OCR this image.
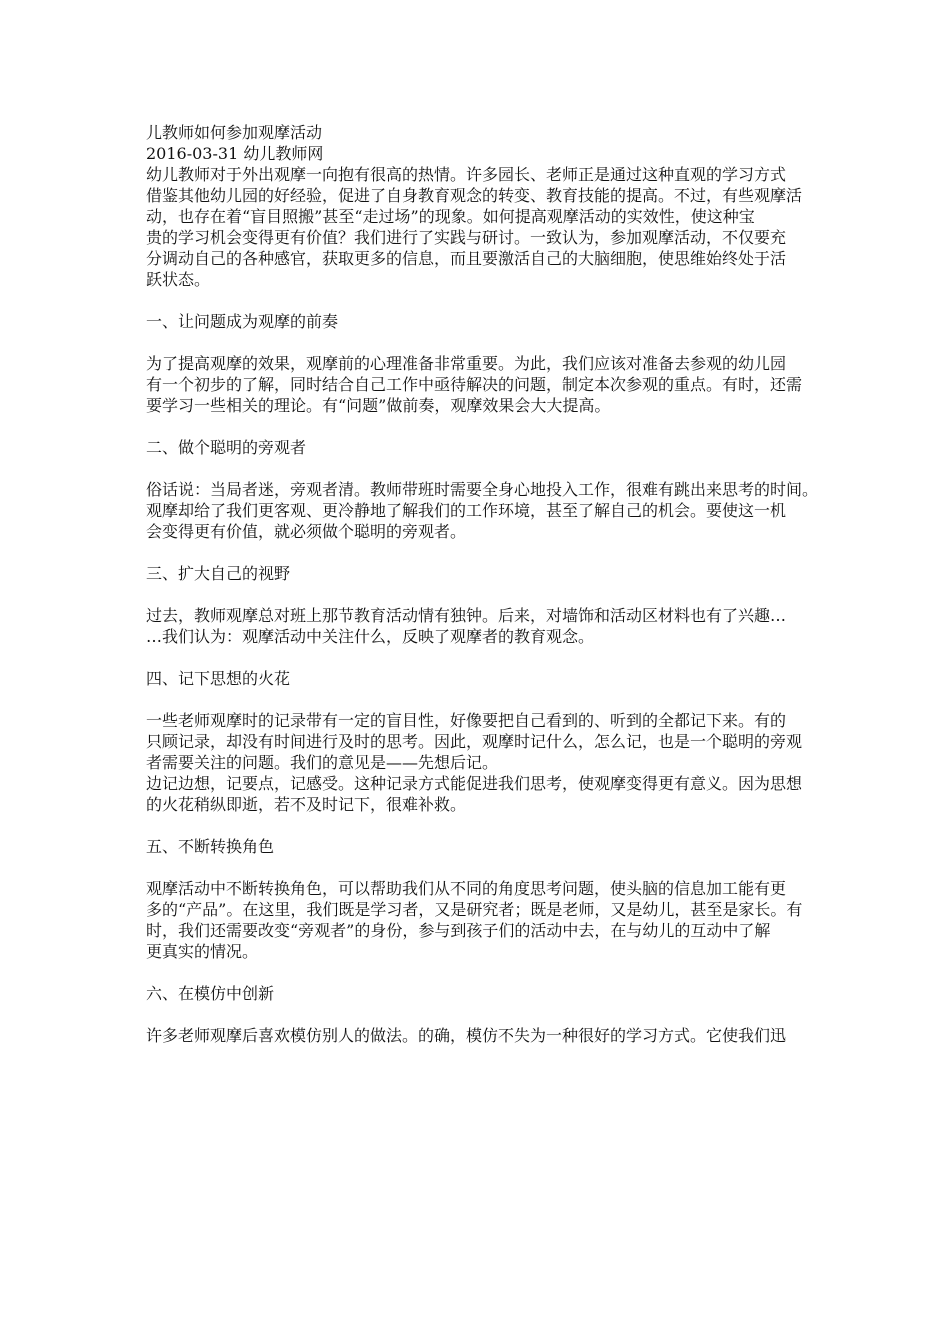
儿教师如何参加观摩活动
2016-03-31 幼儿教师网
幼儿教师对于外出观摩一向抱有很高的热情。许多园长、老师正是通过这种直观的学习方式
借鉴其他幼儿园的好经验，促进了自身教育观念的转变、教育技能的提高。不过，有些观摩活
动，也存在着“盲目照搬”甚至“走过场”的现象。如何提高观摩活动的实效性，使这种宝
贵的学习机会变得更有价值？我们进行了实践与研讨。一致认为，参加观摩活动，不仅要充
分调动自己的各种感官，获取更多的信息，而且要激活自己的大脑细胞，使思维始终处于活
跃状态。
一、让问题成为观摩的前奏
为了提高观摩的效果，观摩前的心理准备非常重要。为此，我们应该对准备去参观的幼儿园
有一个初步的了解，同时结合自己工作中亟待解决的问题，制定本次参观的重点。有时，还需
要学习一些相关的理论。有“问题”做前奏，观摩效果会大大提高。
二、做个聪明的旁观者
俗话说：当局者迷，旁观者清。教师带班时需要全身心地投入工作，很难有跳出来思考的时间。
观摩却给了我们更客观、更冷静地了解我们的工作环境，甚至了解自己的机会。要使这一机
会变得更有价值，就必须做个聪明的旁观者。
三、扩大自己的视野
过去，教师观摩总对班上那节教育活动情有独钟。后来，对墙饰和活动区材料也有了兴趣…
…我们认为：观摩活动中关注什么，反映了观摩者的教育观念。
四、记下思想的火花
一些老师观摩时的记录带有一定的盲目性，好像要把自己看到的、听到的全都记下来。有的
只顾记录，却没有时间进行及时的思考。因此，观摩时记什么，怎么记，也是一个聪明的旁观
者需要关注的问题。我们的意见是——先想后记。
边记边想，记要点，记感受。这种记录方式能促进我们思考，使观摩变得更有意义。因为思想
的火花稍纵即逝，若不及时记下，很难补救。
五、不断转换角色
观摩活动中不断转换角色，可以帮助我们从不同的角度思考问题，使头脑的信息加工能有更
多的“产品”。在这里，我们既是学习者，又是研究者；既是老师，又是幼儿，甚至是家长。有
时，我们还需要改变“旁观者”的身份，参与到孩子们的活动中去，在与幼儿的互动中了解
更真实的情况。
六、在模仿中创新
许多老师观摩后喜欢模仿别人的做法。的确，模仿不失为一种很好的学习方式。它使我们迅
